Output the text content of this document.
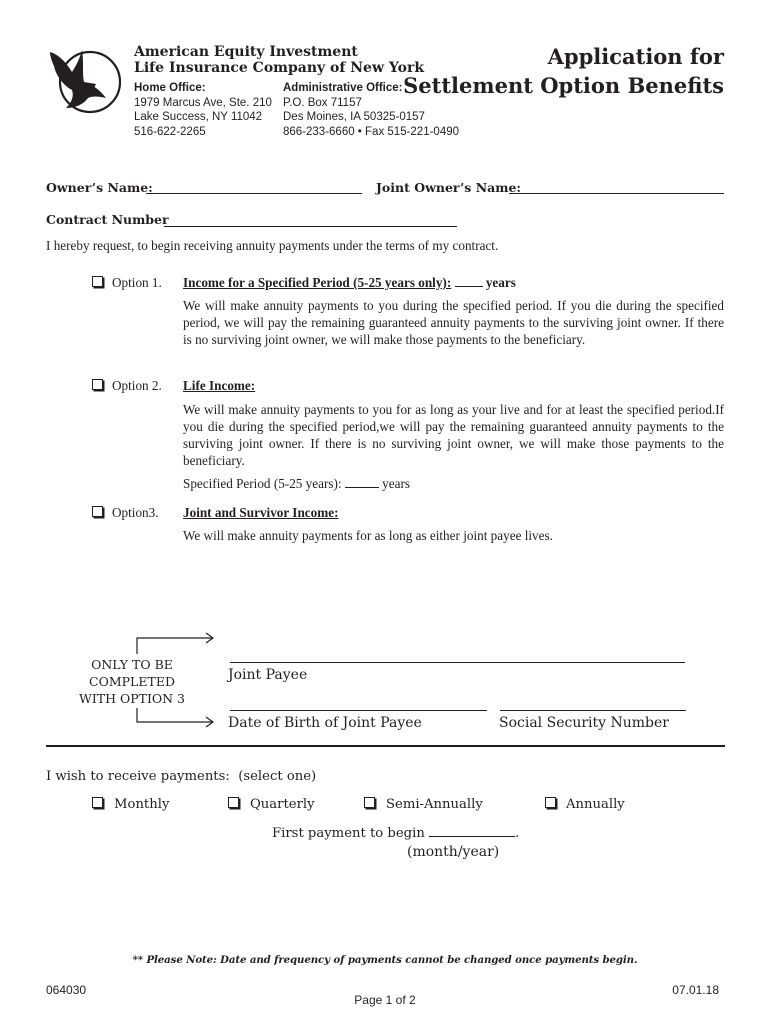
American Equity Investment
Life Insurance Company of New York
Home Office:
1979 Marcus Ave, Ste. 210
Lake Success, NY 11042
516-622-2265
Administrative Office:
P.O. Box 71157
Des Moines, IA 50325-0157
866-233-6660 • Fax 515-221-0490
Application for
Settlement Option Benefits
Owner’s Name:	Joint Owner’s Name:
Contract Number
I hereby request, to begin receiving annuity payments under the terms of my contract.
Option 1. Income for a Specified Period (5-25 years only):	years
We will make annuity payments to you during the specified period. If you die during the specified period, we will pay the remaining guaranteed annuity payments to the surviving joint owner. If there is no surviving joint owner, we will make those payments to the beneficiary.
Option 2. Life Income:
We will make annuity payments to you for as long as your live and for at least the specified period.If you die during the specified period,we will pay the remaining guaranteed annuity payments to the surviving joint owner. If there is no surviving joint owner, we will make those payments to the beneficiary.
Specified Period (5-25 years):	years
Option3. Joint and Survivor Income:
We will make annuity payments for as long as either joint payee lives.
ONLY TO BE
COMPLETED
WITH OPTION 3
Joint Payee
Date of Birth of Joint Payee	Social Security Number
I wish to receive payments:  (select one)
Monthly	Quarterly	Semi-Annually	Annually
First payment to begin	.
(month/year)
** Please Note: Date and frequency of payments cannot be changed once payments begin.
064030
Page 1 of 2
07.01.18
